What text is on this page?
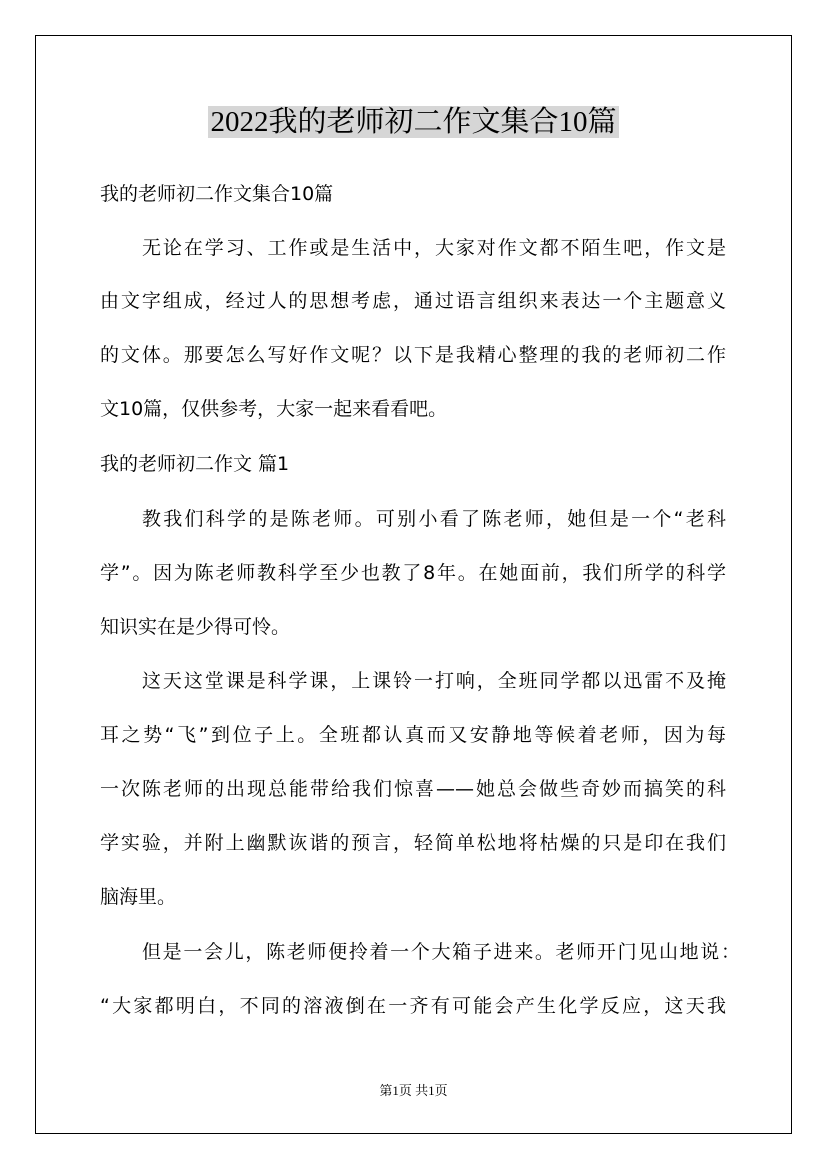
2022我的老师初二作文集合10篇
我的老师初二作文集合10篇
无论在学习、工作或是生活中，大家对作文都不陌生吧，作文是
由文字组成，经过人的思想考虑，通过语言组织来表达一个主题意义
的文体。那要怎么写好作文呢？以下是我精心整理的我的老师初二作
文10篇，仅供参考，大家一起来看看吧。
我的老师初二作文 篇1
教我们科学的是陈老师。可别小看了陈老师，她但是一个“老科
学”。因为陈老师教科学至少也教了8年。在她面前，我们所学的科学
知识实在是少得可怜。
这天这堂课是科学课，上课铃一打响，全班同学都以迅雷不及掩
耳之势“飞”到位子上。全班都认真而又安静地等候着老师，因为每
一次陈老师的出现总能带给我们惊喜——她总会做些奇妙而搞笑的科
学实验，并附上幽默诙谐的预言，轻简单松地将枯燥的只是印在我们
脑海里。
但是一会儿，陈老师便拎着一个大箱子进来。老师开门见山地说：
“大家都明白，不同的溶液倒在一齐有可能会产生化学反应，这天我
第1页 共1页
